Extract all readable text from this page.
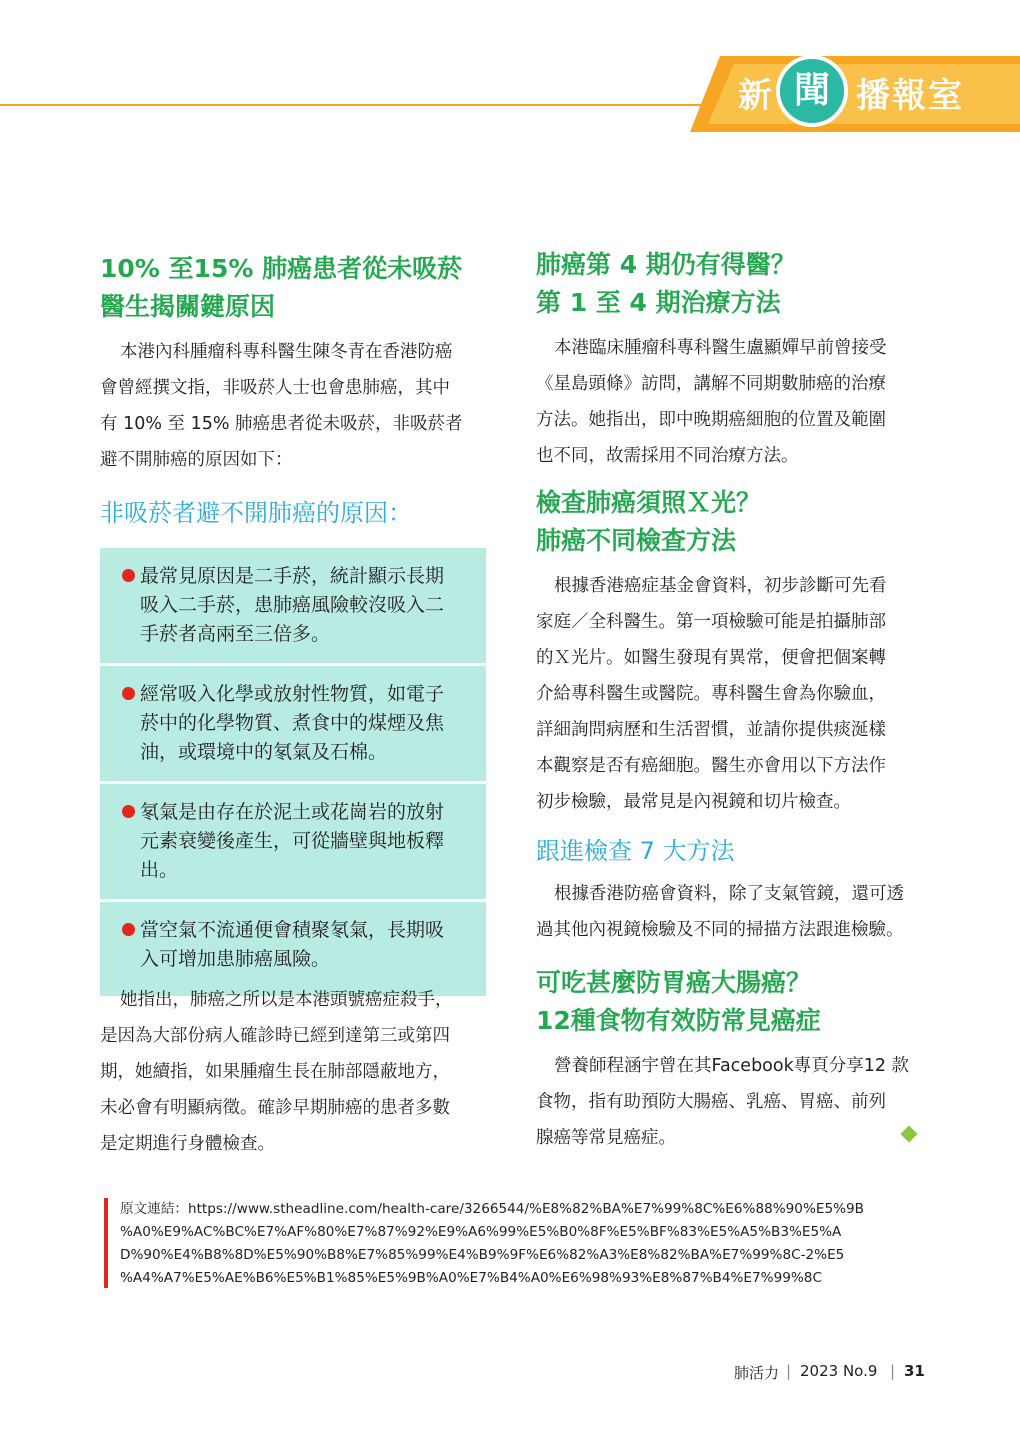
新 聞 播報室
10% 至15% 肺癌患者從未吸菸
醫生揭關鍵原因
本港內科腫瘤科專科醫生陳冬青在香港防癌
會曾經撰文指，非吸菸人士也會患肺癌，其中
有 10% 至 15% 肺癌患者從未吸菸，非吸菸者
避不開肺癌的原因如下：
非吸菸者避不開肺癌的原因：
最常見原因是二手菸，統計顯示長期
吸入二手菸，患肺癌風險較沒吸入二
手菸者高兩至三倍多。
經常吸入化學或放射性物質，如電子
菸中的化學物質、煮食中的煤煙及焦
油，或環境中的氡氣及石棉。
氡氣是由存在於泥土或花崗岩的放射
元素衰變後產生，可從牆壁與地板釋
出。
當空氣不流通便會積聚氡氣，長期吸
入可增加患肺癌風險。
她指出，肺癌之所以是本港頭號癌症殺手，
是因為大部份病人確診時已經到達第三或第四
期，她續指，如果腫瘤生長在肺部隱蔽地方，
未必會有明顯病徵。確診早期肺癌的患者多數
是定期進行身體檢查。
肺癌第 4 期仍有得醫？
第 1 至 4 期治療方法
本港臨床腫瘤科專科醫生盧顯嬋早前曾接受
《星島頭條》訪問，講解不同期數肺癌的治療
方法。她指出，即中晚期癌細胞的位置及範圍
也不同，故需採用不同治療方法。
檢查肺癌須照Ｘ光？
肺癌不同檢查方法
根據香港癌症基金會資料，初步診斷可先看
家庭／全科醫生。第一項檢驗可能是拍攝肺部
的Ｘ光片。如醫生發現有異常，便會把個案轉
介給專科醫生或醫院。專科醫生會為你驗血，
詳細詢問病歷和生活習慣，並請你提供痰涎樣
本觀察是否有癌細胞。醫生亦會用以下方法作
初步檢驗，最常見是內視鏡和切片檢查。
跟進檢查 7 大方法
根據香港防癌會資料，除了支氣管鏡，還可透
過其他內視鏡檢驗及不同的掃描方法跟進檢驗。
可吃甚麼防胃癌大腸癌？
12種食物有效防常見癌症
營養師程涵宇曾在其Facebook專頁分享12 款
食物，指有助預防大腸癌、乳癌、胃癌、前列
腺癌等常見癌症。
原文連結：https://www.stheadline.com/health-care/3266544/%E8%82%BA%E7%99%8C%E6%88%90%E5%9B
%A0%E9%AC%BC%E7%AF%80%E7%87%92%E9%A6%99%E5%B0%8F%E5%BF%83%E5%A5%B3%E5%A
D%90%E4%B8%8D%E5%90%B8%E7%85%99%E4%B9%9F%E6%82%A3%E8%82%BA%E7%99%8C-2%E5
%A4%A7%E5%AE%B6%E5%B1%85%E5%9B%A0%E7%B4%A0%E6%98%93%E8%87%B4%E7%99%8C
肺活力 | 2023 No.9 | 31
